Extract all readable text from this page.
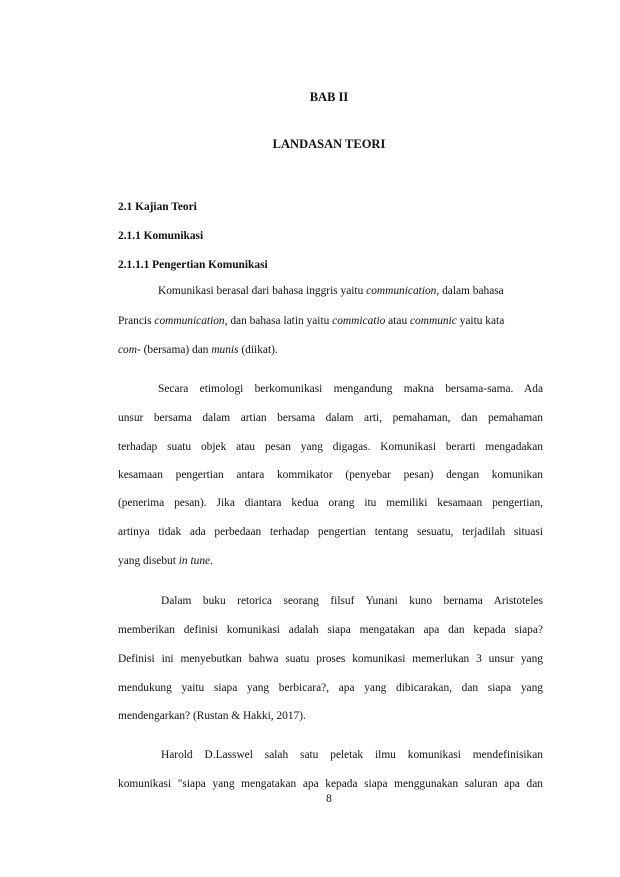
BAB II
LANDASAN TEORI
2.1 Kajian Teori
2.1.1 Komunikasi
2.1.1.1 Pengertian Komunikasi

Komunikasi berasal dari bahasa inggris yaitu communication, dalam bahasa

Prancis communication, dan bahasa latin yaitu commicatio atau communic yaitu kata

com- (bersama) dan munis (diikat).

Secara etimologi berkomunikasi mengandung makna bersama-sama. Ada

unsur bersama dalam artian bersama dalam arti, pemahaman, dan pemahaman

terhadap suatu objek atau pesan yang digagas. Komunikasi berarti mengadakan

kesamaan pengertian antara kommikator (penyebar pesan) dengan komunikan

(penerima pesan). Jika diantara kedua orang itu memiliki kesamaan pengertian,

artinya tidak ada perbedaan terhadap pengertian tentang sesuatu, terjadilah situasi

yang disebut in tune.

Dalam buku retorica seorang filsuf Yunani kuno bernama Aristoteles

memberikan definisi komunikasi adalah siapa mengatakan apa dan kepada siapa?

Definisi ini menyebutkan bahwa suatu proses komunikasi memerlukan 3 unsur yang

mendukung yaitu siapa yang berbicara?, apa yang dibicarakan, dan siapa yang

mendengarkan? (Rustan & Hakki, 2017).

Harold D.Lasswel salah satu peletak ilmu komunikasi mendefinisikan

komunikasi "siapa yang mengatakan apa kepada siapa menggunakan saluran apa dan

8
